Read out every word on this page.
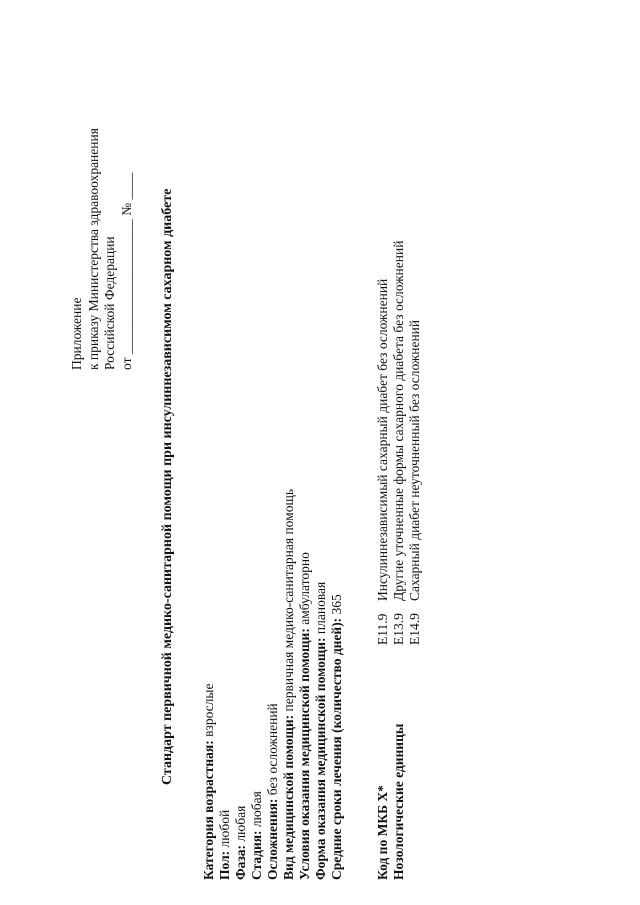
Приложение к приказу Министерства здравоохранения Российской Федерации от ____________________ № ____ Стандарт первичной медико-санитарной помощи при инсулиннезависимом сахарном диабете
Категория возрастная: взрослые
Пол: любой
Фаза: любая
Стадия: любая Осложнения: без осложнений Вид медицинской помощи: первичная медико-санитарная помощь
Условия оказания медицинской помощи: амбулаторно
Форма оказания медицинской помощи: плановая
Средние сроки лечения (количество дней): 365
Код по МКБ X* Нозологические единицы
E11.9
Инсулиннезависимый сахарный диабет без осложнений
E13.9
Другие уточненные формы сахарного диабета без осложнений
E14.9
Сахарный диабет неуточненный без осложнений
